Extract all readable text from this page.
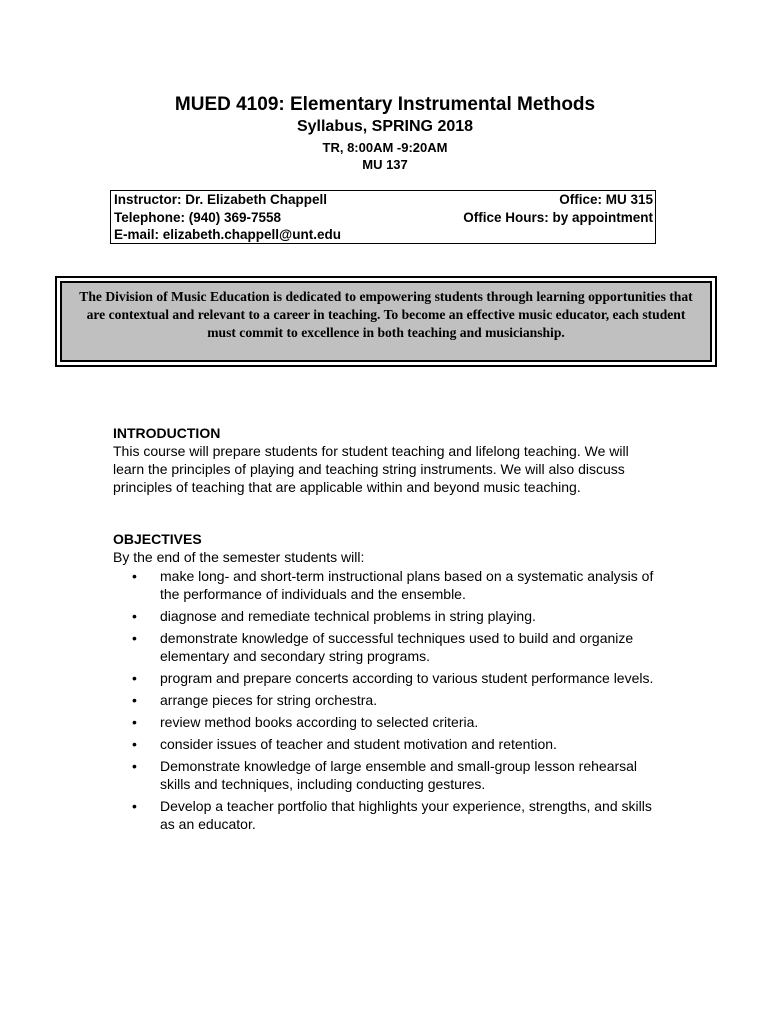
MUED 4109: Elementary Instrumental Methods
Syllabus, SPRING 2018
TR, 8:00AM -9:20AM
MU 137
Instructor: Dr. Elizabeth Chappell
Telephone: (940) 369-7558
E-mail: elizabeth.chappell@unt.edu
Office: MU 315
Office Hours: by appointment
The Division of Music Education is dedicated to empowering students through learning opportunities that are contextual and relevant to a career in teaching. To become an effective music educator, each student must commit to excellence in both teaching and musicianship.
INTRODUCTION
This course will prepare students for student teaching and lifelong teaching. We will learn the principles of playing and teaching string instruments. We will also discuss principles of teaching that are applicable within and beyond music teaching.
OBJECTIVES
By the end of the semester students will:
• make long- and short-term instructional plans based on a systematic analysis of the performance of individuals and the ensemble.
• diagnose and remediate technical problems in string playing.
• demonstrate knowledge of successful techniques used to build and organize elementary and secondary string programs.
• program and prepare concerts according to various student performance levels.
• arrange pieces for string orchestra.
• review method books according to selected criteria.
• consider issues of teacher and student motivation and retention.
• Demonstrate knowledge of large ensemble and small-group lesson rehearsal skills and techniques, including conducting gestures.
• Develop a teacher portfolio that highlights your experience, strengths, and skills as an educator.
